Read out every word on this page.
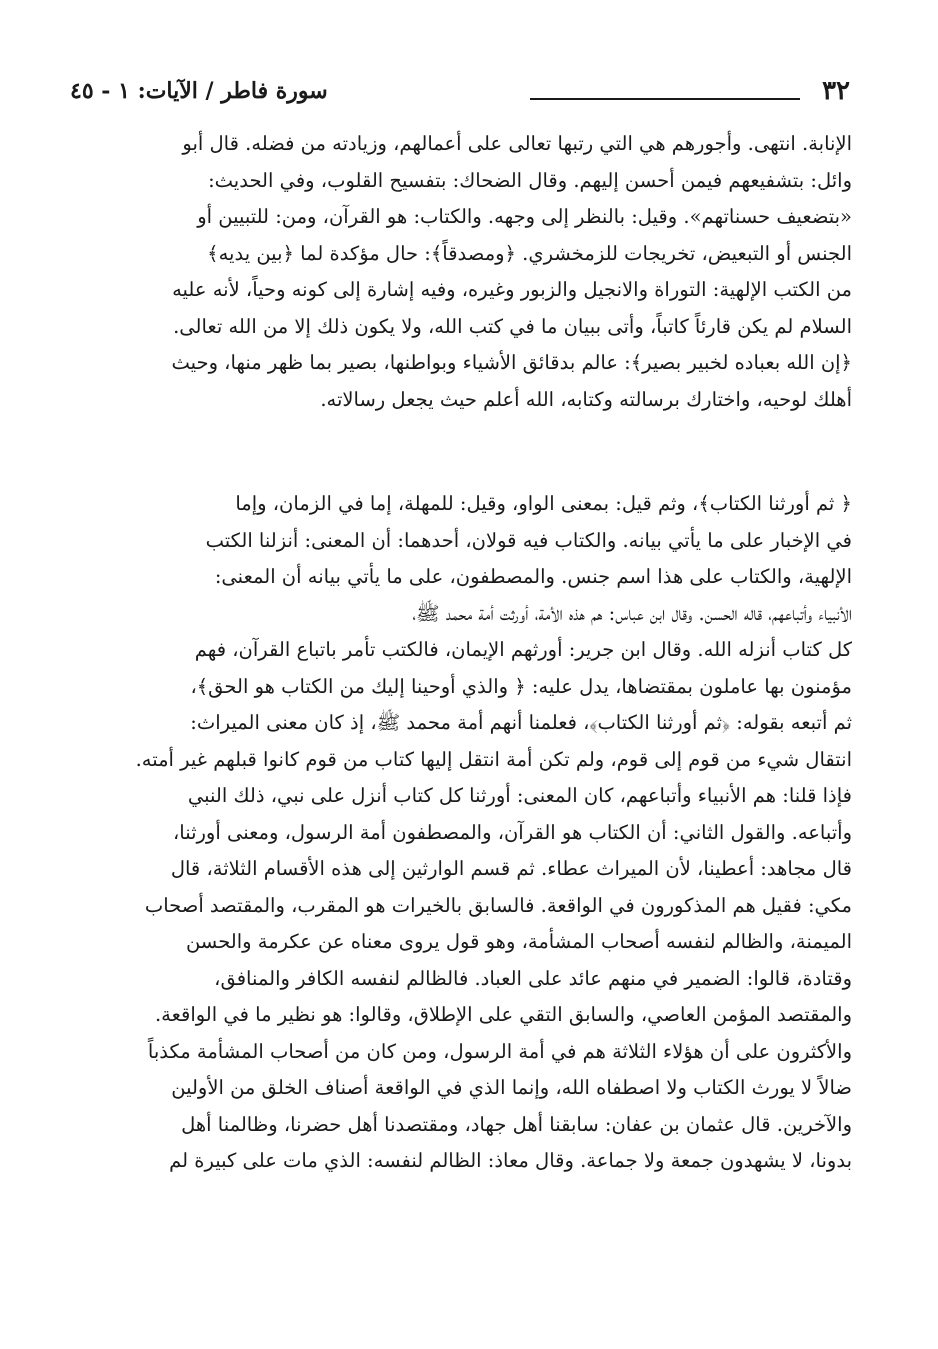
٣٢
سورة فاطر / الآيات: ١ - ٤٥
الإنابة. انتهى. وأجورهم هي التي رتبها تعالى على أعمالهم، وزيادته من فضله. قال أبو
وائل: بتشفيعهم فيمن أحسن إليهم. وقال الضحاك: بتفسيح القلوب، وفي الحديث:
«بتضعيف حسناتهم». وقيل: بالنظر إلى وجهه. والكتاب: هو القرآن، ومن: للتبيين أو
الجنس أو التبعيض، تخريجات للزمخشري. ﴿ومصدقاً﴾: حال مؤكدة لما ﴿بين يديه﴾
من الكتب الإلهية: التوراة والانجيل والزبور وغيره، وفيه إشارة إلى كونه وحياً، لأنه عليه
السلام لم يكن قارئاً كاتباً، وأتى ببيان ما في كتب الله، ولا يكون ذلك إلا من الله تعالى.
﴿إن الله بعباده لخبير بصير﴾: عالم بدقائق الأشياء وبواطنها، بصير بما ظهر منها، وحيث
أهلك لوحيه، واختارك برسالته وكتابه، الله أعلم حيث يجعل رسالاته.
﴿ ثم أورثنا الكتاب﴾، وثم قيل: بمعنى الواو، وقيل: للمهلة، إما في الزمان، وإما
في الإخبار على ما يأتي بيانه. والكتاب فيه قولان، أحدهما: أن المعنى: أنزلنا الكتب
الإلهية، والكتاب على هذا اسم جنس. والمصطفون، على ما يأتي بيانه أن المعنى:
الأنبياء وأتباعهم، قاله الحسن. وقال ابن عباس: هم هذه الأمة، أورثت أمة محمد ﷺ،
كل كتاب أنزله الله. وقال ابن جرير: أورثهم الإيمان، فالكتب تأمر باتباع القرآن، فهم
مؤمنون بها عاملون بمقتضاها، يدل عليه: ﴿ والذي أوحينا إليك من الكتاب هو الحق﴾،
ثم أتبعه بقوله: ﴿ثم أورثنا الكتاب﴾، فعلمنا أنهم أمة محمد ﷺ، إذ كان معنى الميراث:
انتقال شيء من قوم إلى قوم، ولم تكن أمة انتقل إليها كتاب من قوم كانوا قبلهم غير أمته.
فإذا قلنا: هم الأنبياء وأتباعهم، كان المعنى: أورثنا كل كتاب أنزل على نبي، ذلك النبي
وأتباعه. والقول الثاني: أن الكتاب هو القرآن، والمصطفون أمة الرسول، ومعنى أورثنا،
قال مجاهد: أعطينا، لأن الميراث عطاء. ثم قسم الوارثين إلى هذه الأقسام الثلاثة، قال
مكي: فقيل هم المذكورون في الواقعة. فالسابق بالخيرات هو المقرب، والمقتصد أصحاب
الميمنة، والظالم لنفسه أصحاب المشأمة، وهو قول يروى معناه عن عكرمة والحسن
وقتادة، قالوا: الضمير في منهم عائد على العباد. فالظالم لنفسه الكافر والمنافق،
والمقتصد المؤمن العاصي، والسابق التقي على الإطلاق، وقالوا: هو نظير ما في الواقعة.
والأكثرون على أن هؤلاء الثلاثة هم في أمة الرسول، ومن كان من أصحاب المشأمة مكذباً
ضالاً لا يورث الكتاب ولا اصطفاه الله، وإنما الذي في الواقعة أصناف الخلق من الأولين
والآخرين. قال عثمان بن عفان: سابقنا أهل جهاد، ومقتصدنا أهل حضرنا، وظالمنا أهل
بدونا، لا يشهدون جمعة ولا جماعة. وقال معاذ: الظالم لنفسه: الذي مات على كبيرة لم
